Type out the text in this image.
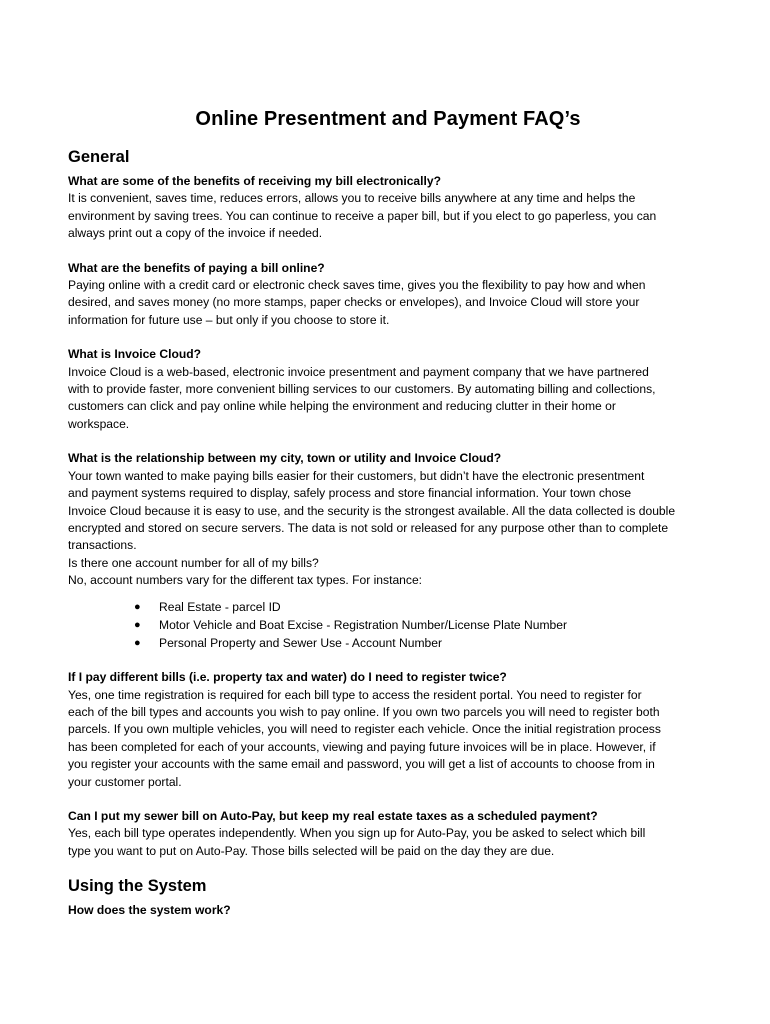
Online Presentment and Payment FAQ’s
General
What are some of the benefits of receiving my bill electronically?
It is convenient, saves time, reduces errors, allows you to receive bills anywhere at any time and helps the
environment by saving trees. You can continue to receive a paper bill, but if you elect to go paperless, you can
always print out a copy of the invoice if needed.
What are the benefits of paying a bill online?
Paying online with a credit card or electronic check saves time, gives you the flexibility to pay how and when
desired, and saves money (no more stamps, paper checks or envelopes), and Invoice Cloud will store your
information for future use – but only if you choose to store it.
What is Invoice Cloud?
Invoice Cloud is a web-based, electronic invoice presentment and payment company that we have partnered
with to provide faster, more convenient billing services to our customers. By automating billing and collections,
customers can click and pay online while helping the environment and reducing clutter in their home or
workspace.
What is the relationship between my city, town or utility and Invoice Cloud?
Your town wanted to make paying bills easier for their customers, but didn’t have the electronic presentment
and payment systems required to display, safely process and store financial information. Your town chose
Invoice Cloud because it is easy to use, and the security is the strongest available. All the data collected is double
encrypted and stored on secure servers. The data is not sold or released for any purpose other than to complete
transactions.
Is there one account number for all of my bills?
No, account numbers vary for the different tax types. For instance:
● Real Estate - parcel ID
● Motor Vehicle and Boat Excise - Registration Number/License Plate Number
● Personal Property and Sewer Use - Account Number
If I pay different bills (i.e. property tax and water) do I need to register twice?
Yes, one time registration is required for each bill type to access the resident portal. You need to register for
each of the bill types and accounts you wish to pay online. If you own two parcels you will need to register both
parcels. If you own multiple vehicles, you will need to register each vehicle. Once the initial registration process
has been completed for each of your accounts, viewing and paying future invoices will be in place. However, if
you register your accounts with the same email and password, you will get a list of accounts to choose from in
your customer portal.
Can I put my sewer bill on Auto-Pay, but keep my real estate taxes as a scheduled payment?
Yes, each bill type operates independently. When you sign up for Auto-Pay, you be asked to select which bill
type you want to put on Auto-Pay. Those bills selected will be paid on the day they are due.
Using the System
How does the system work?
